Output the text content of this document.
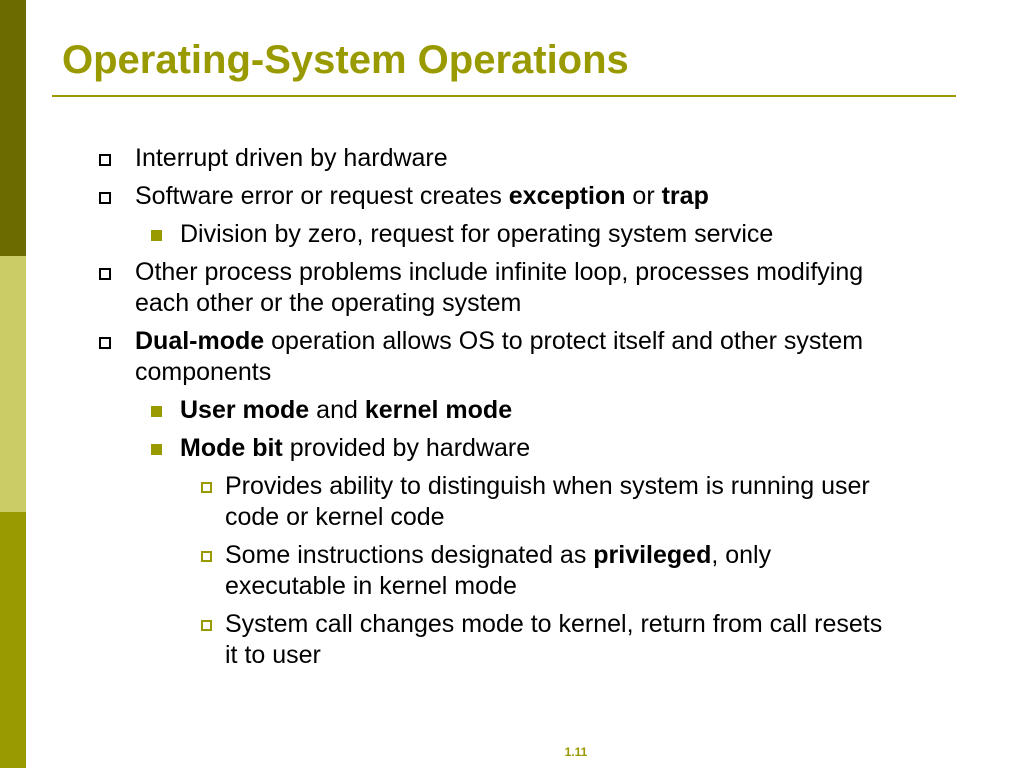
Operating-System Operations
Interrupt driven by hardware
Software error or request creates exception or trap
Division by zero, request for operating system service
Other process problems include infinite loop, processes modifying each other or the operating system
Dual-mode operation allows OS to protect itself and other system components
User mode and kernel mode
Mode bit provided by hardware
Provides ability to distinguish when system is running user code or kernel code
Some instructions designated as privileged, only executable in kernel mode
System call changes mode to kernel, return from call resets it to user
1.11
